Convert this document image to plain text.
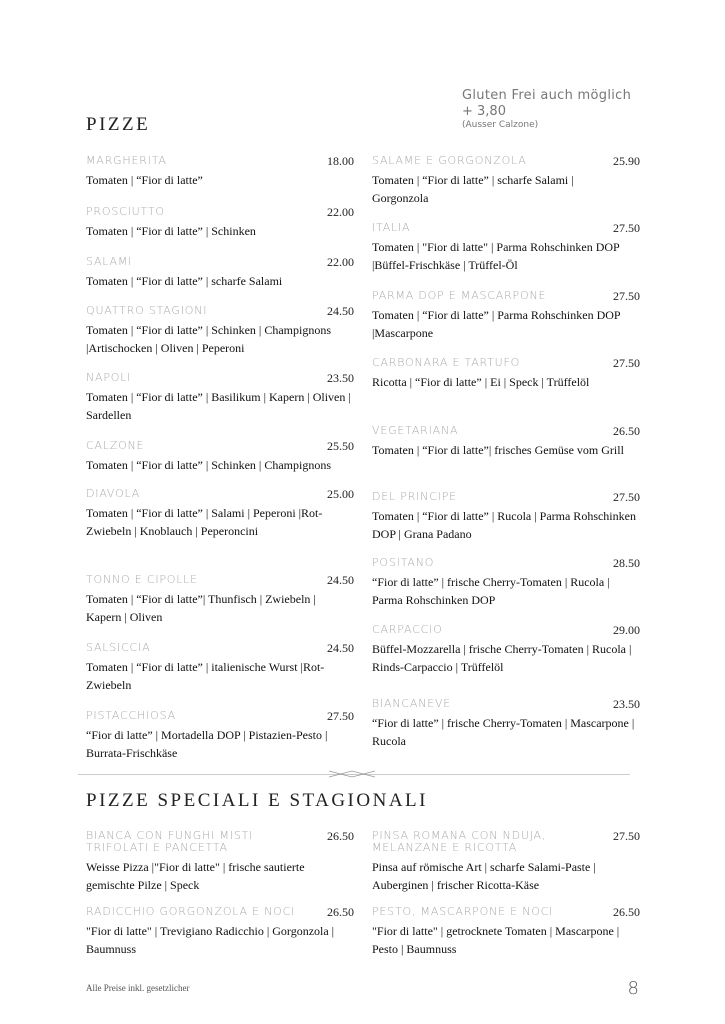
Gluten Frei auch möglich
+ 3,80
(Ausser Calzone)
PIZZE
MARGHERITA	18.00
Tomaten | “Fior di latte”
PROSCIUTTO	22.00
Tomaten | “Fior di latte” | Schinken
SALAMI	22.00
Tomaten | “Fior di latte” | scharfe Salami
QUATTRO STAGIONI	24.50
Tomaten | “Fior di latte” | Schinken | Champignons |Artischocken | Oliven | Peperoni
NAPOLI	23.50
Tomaten | “Fior di latte” | Basilikum | Kapern | Oliven | Sardellen
CALZONE	25.50
Tomaten | “Fior di latte” | Schinken | Champignons
DIAVOLA	25.00
Tomaten | “Fior di latte” | Salami | Peperoni |Rot-Zwiebeln | Knoblauch | Peperoncini
TONNO E CIPOLLE	24.50
Tomaten | “Fior di latte”| Thunfisch | Zwiebeln | Kapern | Oliven
SALSICCIA	24.50
Tomaten | “Fior di latte” | italienische Wurst |Rot-Zwiebeln
PISTACCHIOSA	27.50
“Fior di latte” | Mortadella DOP | Pistazien-Pesto | Burrata-Frischkäse
SALAME E GORGONZOLA	25.90
Tomaten | “Fior di latte” | scharfe Salami | Gorgonzola
ITALIA	27.50
Tomaten | "Fior di latte" | Parma Rohschinken DOP |Büffel-Frischkäse | Trüffel-Öl
PARMA DOP E MASCARPONE	27.50
Tomaten | “Fior di latte” | Parma Rohschinken DOP |Mascarpone
CARBONARA E TARTUFO	27.50
Ricotta | “Fior di latte” | Ei | Speck | Trüffelöl
VEGETARIANA	26.50
Tomaten | “Fior di latte”| frisches Gemüse vom Grill
DEL PRINCIPE	27.50
Tomaten | “Fior di latte” | Rucola | Parma Rohschinken DOP | Grana Padano
POSITANO	28.50
“Fior di latte” | frische Cherry-Tomaten | Rucola | Parma Rohschinken DOP
CARPACCIO	29.00
Büffel-Mozzarella | frische Cherry-Tomaten | Rucola | Rinds-Carpaccio | Trüffelöl
BIANCANEVE	23.50
“Fior di latte” | frische Cherry-Tomaten | Mascarpone | Rucola
BIANCA CON FUNGHI MISTI TRIFOLATI E PANCETTA
26.50
Weisse Pizza |"Fior di latte" | frische sautierte gemischte Pilze | Speck
RADICCHIO GORGONZOLA E NOCI	26.50
"Fior di latte" | Trevigiano Radicchio | Gorgonzola | Baumnuss
PINSA ROMANA CON NDUJA, MELANZANE E RICOTTA
27.50
Pinsa auf römische Art | scharfe Salami-Paste | Auberginen | frischer Ricotta-Käse
PESTO, MASCARPONE E NOCI	26.50
"Fior di latte" | getrocknete Tomaten | Mascarpone | Pesto | Baumnuss
PIZZE SPECIALI E STAGIONALI
Alle Preise inkl. gesetzlicher	8
